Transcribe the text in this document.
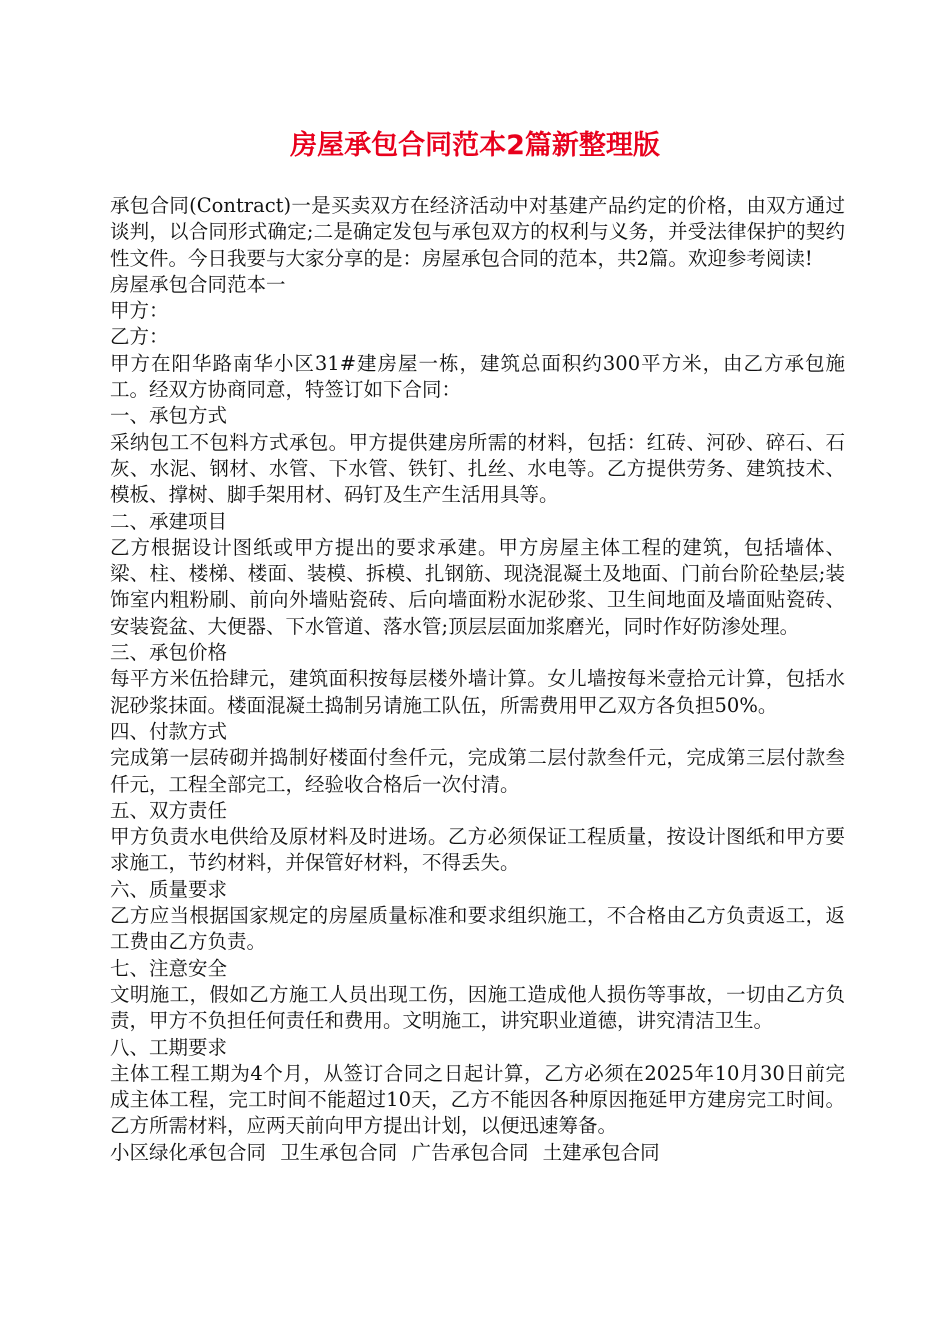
房屋承包合同范本2篇新整理版

承包合同(Contract)一是买卖双方在经济活动中对基建产品约定的价格，由双方通过谈判，以合同形式确定;二是确定发包与承包双方的权利与义务，并受法律保护的契约性文件。今日我要与大家分享的是：房屋承包合同的范本，共2篇。欢迎参考阅读!

房屋承包合同范本一

甲方：

乙方：

甲方在阳华路南华小区31#建房屋一栋，建筑总面积约300平方米，由乙方承包施工。经双方协商同意，特签订如下合同：

一、承包方式

采纳包工不包料方式承包。甲方提供建房所需的材料，包括：红砖、河砂、碎石、石灰、水泥、钢材、水管、下水管、铁钉、扎丝、水电等。乙方提供劳务、建筑技术、模板、撑树、脚手架用材、码钉及生产生活用具等。

二、承建项目

乙方根据设计图纸或甲方提出的要求承建。甲方房屋主体工程的建筑，包括墙体、梁、柱、楼梯、楼面、装模、拆模、扎钢筋、现浇混凝土及地面、门前台阶砼垫层;装饰室内粗粉刷、前向外墙贴瓷砖、后向墙面粉水泥砂浆、卫生间地面及墙面贴瓷砖、安装瓷盆、大便器、下水管道、落水管;顶层层面加浆磨光，同时作好防渗处理。

三、承包价格

每平方米伍拾肆元，建筑面积按每层楼外墙计算。女儿墙按每米壹拾元计算，包括水泥砂浆抹面。楼面混凝土捣制另请施工队伍，所需费用甲乙双方各负担50%。

四、付款方式

完成第一层砖砌并捣制好楼面付叁仟元，完成第二层付款叁仟元，完成第三层付款叁仟元，工程全部完工，经验收合格后一次付清。

五、双方责任

甲方负责水电供给及原材料及时进场。乙方必须保证工程质量，按设计图纸和甲方要求施工，节约材料，并保管好材料，不得丢失。

六、质量要求

乙方应当根据国家规定的房屋质量标准和要求组织施工，不合格由乙方负责返工，返工费由乙方负责。

七、注意安全

文明施工，假如乙方施工人员出现工伤，因施工造成他人损伤等事故，一切由乙方负责，甲方不负担任何责任和费用。文明施工，讲究职业道德，讲究清洁卫生。

八、工期要求

主体工程工期为4个月，从签订合同之日起计算，乙方必须在2025年10月30日前完成主体工程，完工时间不能超过10天，乙方不能因各种原因拖延甲方建房完工时间。乙方所需材料，应两天前向甲方提出计划，以便迅速筹备。

小区绿化承包合同 卫生承包合同 广告承包合同 土建承包合同
